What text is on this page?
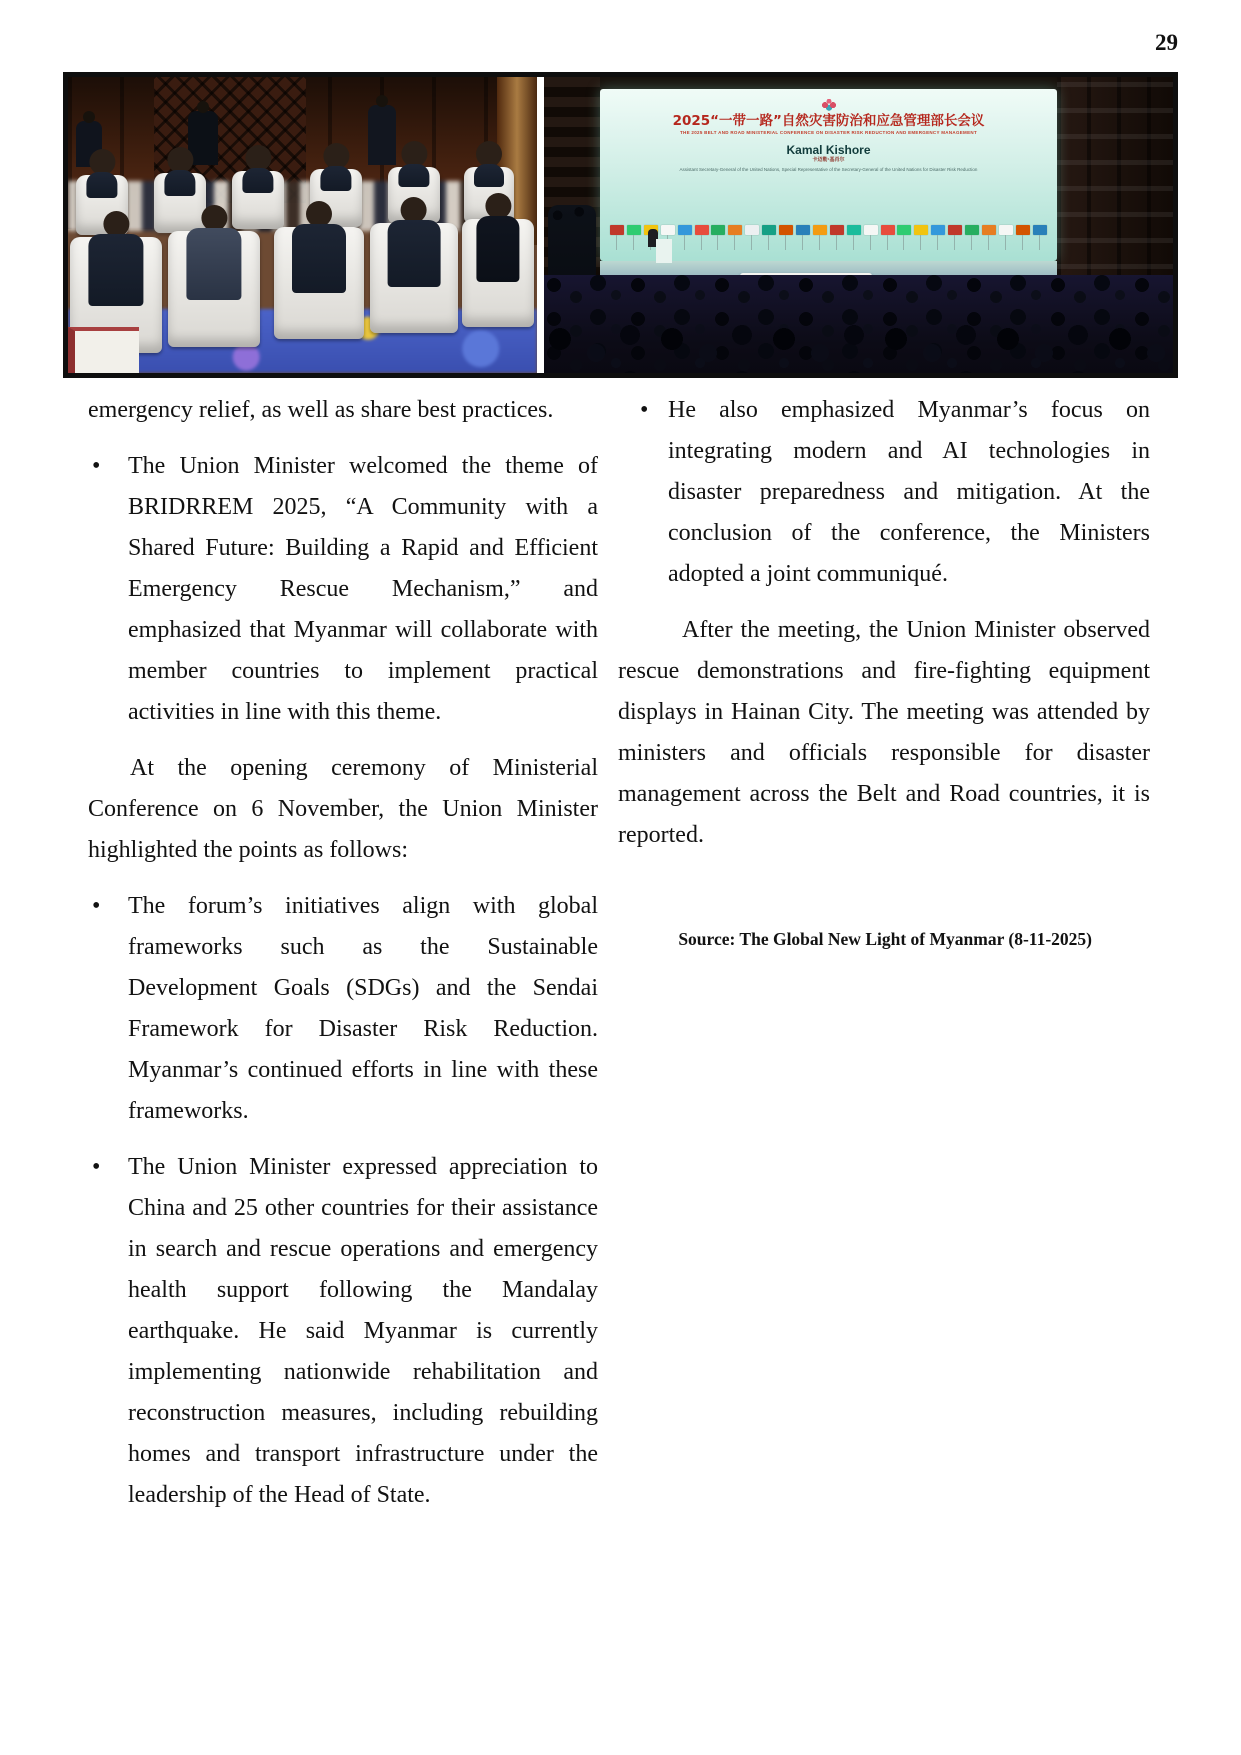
29
2025“一带一路”自然灾害防治和应急管理部长会议
THE 2025 BELT AND ROAD MINISTERIAL CONFERENCE ON DISASTER RISK REDUCTION AND EMERGENCY MANAGEMENT
Kamal Kishore
卡迈勒·基肖尔
Assistant Secretary-General of the United Nations, Special Representative of the Secretary-General of the United Nations for Disaster Risk Reduction

emergency relief, as well as share best practices.

•

The Union Minister welcomed the theme of BRIDRREM 2025, “A Community with a Shared Future: Building a Rapid and Efficient Emergency Rescue Mechanism,” and emphasized that Myanmar will collaborate with member countries to implement practical activities in line with this theme.

At the opening ceremony of Ministerial Conference on 6 November, the Union Minister highlighted the points as follows:

•

The forum’s initiatives align with global frameworks such as the Sustainable Development Goals (SDGs) and the Sendai Framework for Disaster Risk Reduction. Myanmar’s continued efforts in line with these frameworks.

•

The Union Minister expressed appreciation to China and 25 other countries for their assistance in search and rescue operations and emergency health support following the Mandalay earthquake. He said Myanmar is currently implementing nationwide rehabilitation and reconstruction measures, including rebuilding homes and transport infrastructure under the leadership of the Head of State.

•

He also emphasized Myanmar’s focus on integrating modern and AI technologies in disaster preparedness and mitigation. At the conclusion of the conference, the Ministers adopted a joint communiqué.

After the meeting, the Union Minister observed rescue demonstrations and fire-fighting equipment displays in Hainan City. The meeting was attended by ministers and officials responsible for disaster management across the Belt and Road countries, it is reported.

Source: The Global New Light of Myanmar (8-11-2025)
